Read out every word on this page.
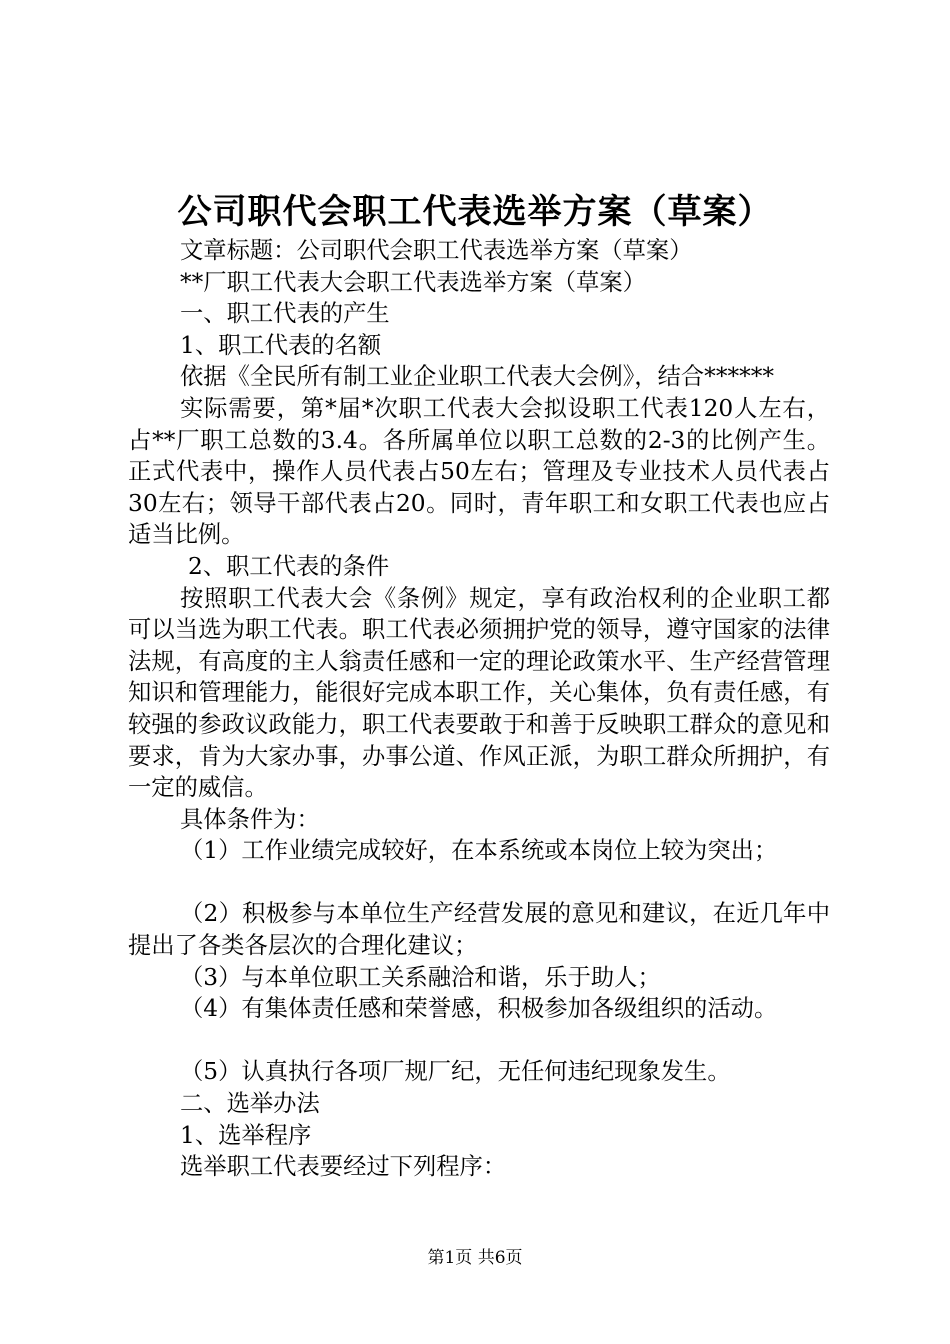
公司职代会职工代表选举方案（草案）

文章标题：公司职代会职工代表选举方案（草案）

**厂职工代表大会职工代表选举方案（草案）

一、职工代表的产生

1、职工代表的名额

依据《全民所有制工业企业职工代表大会例》，结合******

实际需要，第*届*次职工代表大会拟设职工代表120人左右，占**厂职工总数的3.4。各所属单位以职工总数的2-3的比例产生。正式代表中，操作人员代表占50左右；管理及专业技术人员代表占30左右；领导干部代表占20。同时，青年职工和女职工代表也应占适当比例。

2、职工代表的条件

按照职工代表大会《条例》规定，享有政治权利的企业职工都可以当选为职工代表。职工代表必须拥护党的领导，遵守国家的法律法规，有高度的主人翁责任感和一定的理论政策水平、生产经营管理知识和管理能力，能很好完成本职工作，关心集体，负有责任感，有较强的参政议政能力，职工代表要敢于和善于反映职工群众的意见和要求，肯为大家办事，办事公道、作风正派，为职工群众所拥护，有一定的威信。

具体条件为：

（1）工作业绩完成较好，在本系统或本岗位上较为突出；

（2）积极参与本单位生产经营发展的意见和建议，在近几年中提出了各类各层次的合理化建议；

（3）与本单位职工关系融洽和谐，乐于助人；

（4）有集体责任感和荣誉感，积极参加各级组织的活动。

（5）认真执行各项厂规厂纪，无任何违纪现象发生。

二、选举办法

1、选举程序

选举职工代表要经过下列程序：

第1页 共6页
